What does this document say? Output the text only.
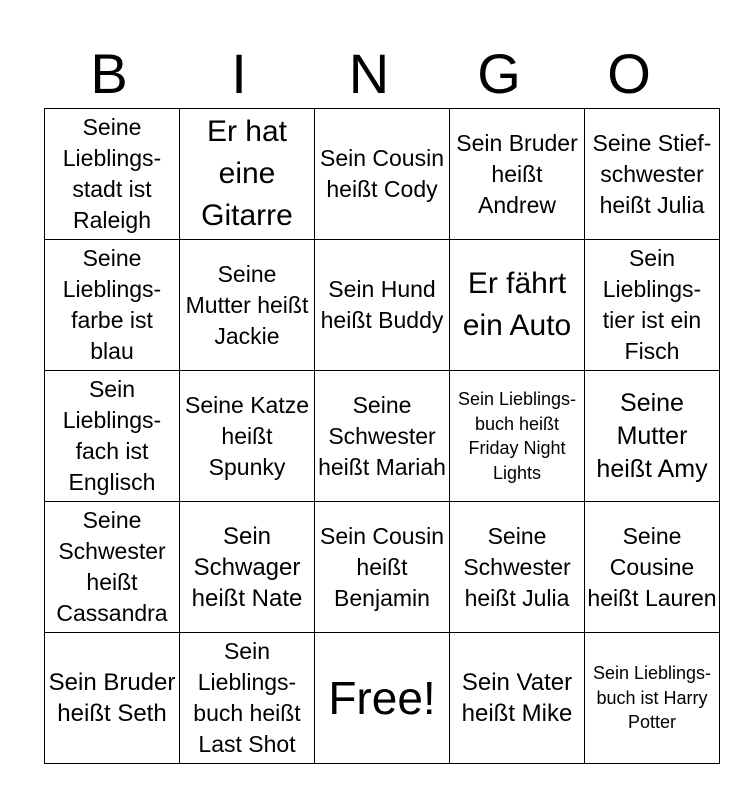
B	I	N	G	O
Seine Lieblings-stadt ist Raleigh	Er hat eine Gitarre	Sein Cousin heißt Cody	Sein Bruder heißt Andrew	Seine Stief-schwester heißt Julia
Seine Lieblings-farbe ist blau	Seine Mutter heißt Jackie	Sein Hund heißt Buddy	Er fährt ein Auto	Sein Lieblings-tier ist ein Fisch
Sein Lieblings-fach ist Englisch	Seine Katze heißt Spunky	Seine Schwester heißt Mariah	Sein Lieblings-buch heißt Friday Night Lights	Seine Mutter heißt Amy
Seine Schwester heißt Cassandra	Sein Schwager heißt Nate	Sein Cousin heißt Benjamin	Seine Schwester heißt Julia	Seine Cousine heißt Lauren
Sein Bruder heißt Seth	Sein Lieblings-buch heißt Last Shot	Free!	Sein Vater heißt Mike	Sein Lieblings-buch ist Harry Potter
